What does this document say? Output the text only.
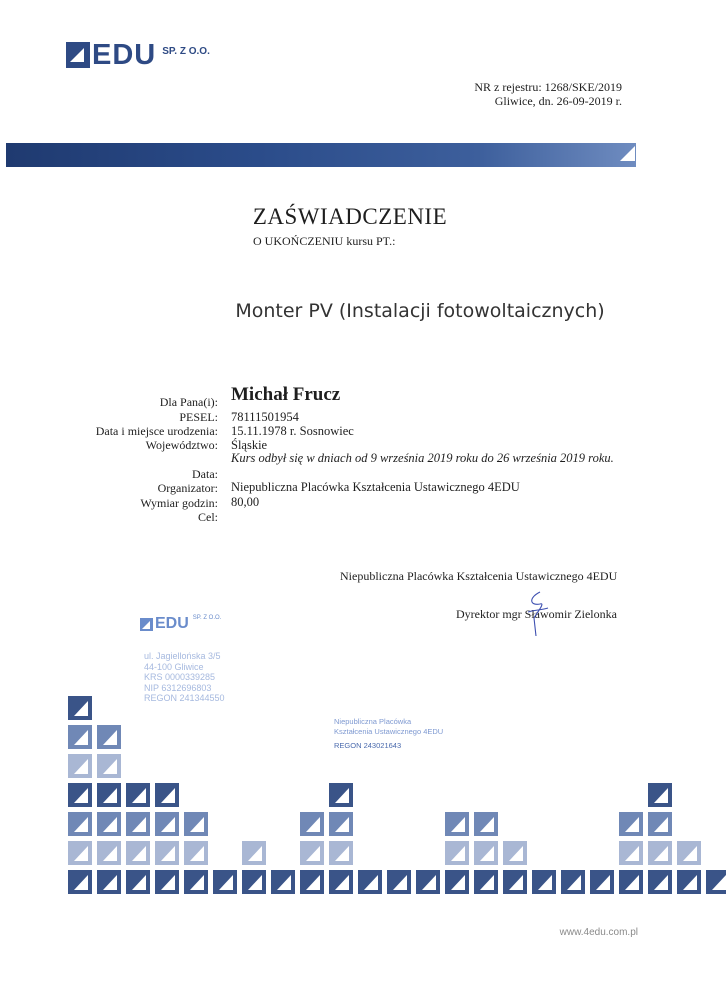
EDU SP. Z O.O.
NR z rejestru: 1268/SKE/2019
Gliwice, dn. 26-09-2019 r.
ZAŚWIADCZENIE
O UKOŃCZENIU kursu PT.:
Monter PV (Instalacji fotowoltaicznych)
Dla Pana(i): Michał Frucz
PESEL: 78111501954
Data i miejsce urodzenia: 15.11.1978 r. Sosnowiec
Województwo: Śląskie
Data:
Kurs odbył się w dniach od 9 września 2019 roku do 26 września 2019 roku.
Organizator: Niepubliczna Placówka Kształcenia Ustawicznego 4EDU
Wymiar godzin: 80,00
Cel:
Niepubliczna Placówka Kształcenia Ustawicznego 4EDU
Dyrektor mgr Sławomir Zielonka
EDU SP. Z O.O.
ul. Jagiellońska 3/5
44-100 Gliwice
KRS 0000339285
NIP 6312696803
REGON 241344550
Niepubliczna Placówka
Kształcenia Ustawicznego 4EDU
REGON 243021643
www.4edu.com.pl
